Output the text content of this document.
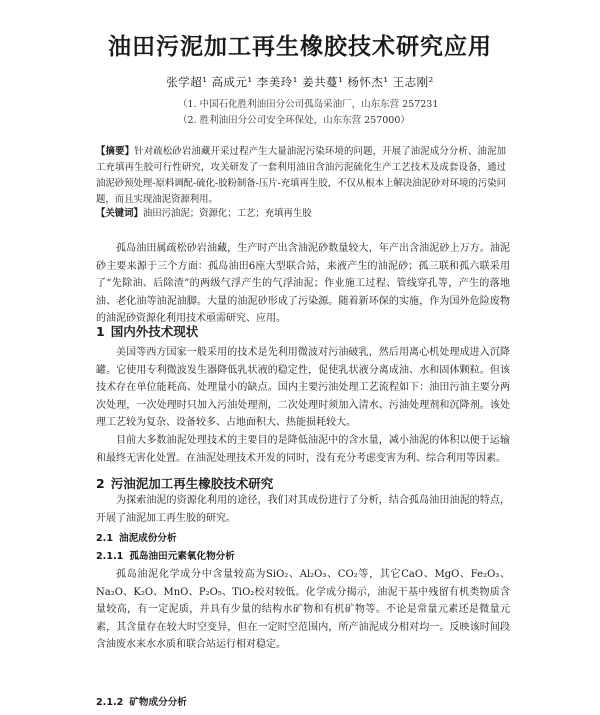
油田污泥加工再生橡胶技术研究应用
张学超¹ 高成元¹ 李美玲¹ 姜共蔓¹ 杨怀杰¹ 王志刚²
（1. 中国石化胜利油田分公司孤岛采油厂，山东东营 257231
（2. 胜利油田分公司安全环保处，山东东营 257000）
【摘要】针对疏松砂岩油藏开采过程产生大量油泥污染环境的问题，开展了油泥成分分析、油泥加工充填再生胶可行性研究，攻关研发了一套利用油田含油污泥硫化生产工艺技术及成套设备，通过油泥砂预处理-原料调配-硫化-胶粉制备-压片-充填再生胶，不仅从根本上解决油泥砂对环境的污染问题，而且实现油泥资源利用。
【关键词】油田污油泥；资源化；工艺；充填再生胶

孤岛油田属疏松砂岩油藏，生产时产出含油泥砂数量较大，年产出含油泥砂上万方。油泥砂主要来源于三个方面：孤岛油田6座大型联合站，来液产生的油泥砂；孤三联和孤六联采用了“先除油、后除渣”的两级气浮产生的气浮油泥；作业施工过程、管线穿孔等，产生的落地油、老化油等油泥油脚。大量的油泥砂形成了污染源。随着新环保的实施，作为国外危险废物的油泥砂资源化利用技术亟需研究、应用。

1 国内外技术现状

美国等西方国家一般采用的技术是先利用微波对污油破乳，然后用离心机处理成进入沉降罐。它使用专利微波发生器降低乳状液的稳定性，促使乳状液分离成油、水和固体颗粒。但该技术存在单位能耗高、处理量小的缺点。国内主要污油处理工艺流程如下：油田污油主要分两次处理，一次处理时只加入污油处理剂，二次处理时须加入清水、污油处理剂和沉降剂。该处理工艺较为复杂、设备较多、占地面积大、热能损耗较大。

目前大多数油泥处理技术的主要目的是降低油泥中的含水量，减小油泥的体积以便于运输和最终无害化处置。在油泥处理技术开发的同时，没有充分考虑变害为利、综合利用等因素。

2 污油泥加工再生橡胶技术研究

为探索油泥的资源化利用的途径，我们对其成份进行了分析，结合孤岛油田油泥的特点，开展了油泥加工再生胶的研究。

2.1 油泥成份分析
2.1.1 孤岛油田元素氧化物分析

孤岛油泥化学成分中含量较高为SiO₂、Al₂O₃、CO₂等，其它CaO、MgO、Fe₂O₃、Na₂O、K₂O、MnO、P₂O₅、TiO₂校对较低。化学成分揭示，油泥干基中残留有机类物质含量较高，有一定泥质，并具有少量的结构水矿物和有机矿物等。不论是常量元素还是微量元素，其含量存在较大时空变异，但在一定时空范围内，所产油泥成分相对均一。反映该时间段含油废水来水水质和联合站运行相对稳定。

2.1.2 矿物成分分析
